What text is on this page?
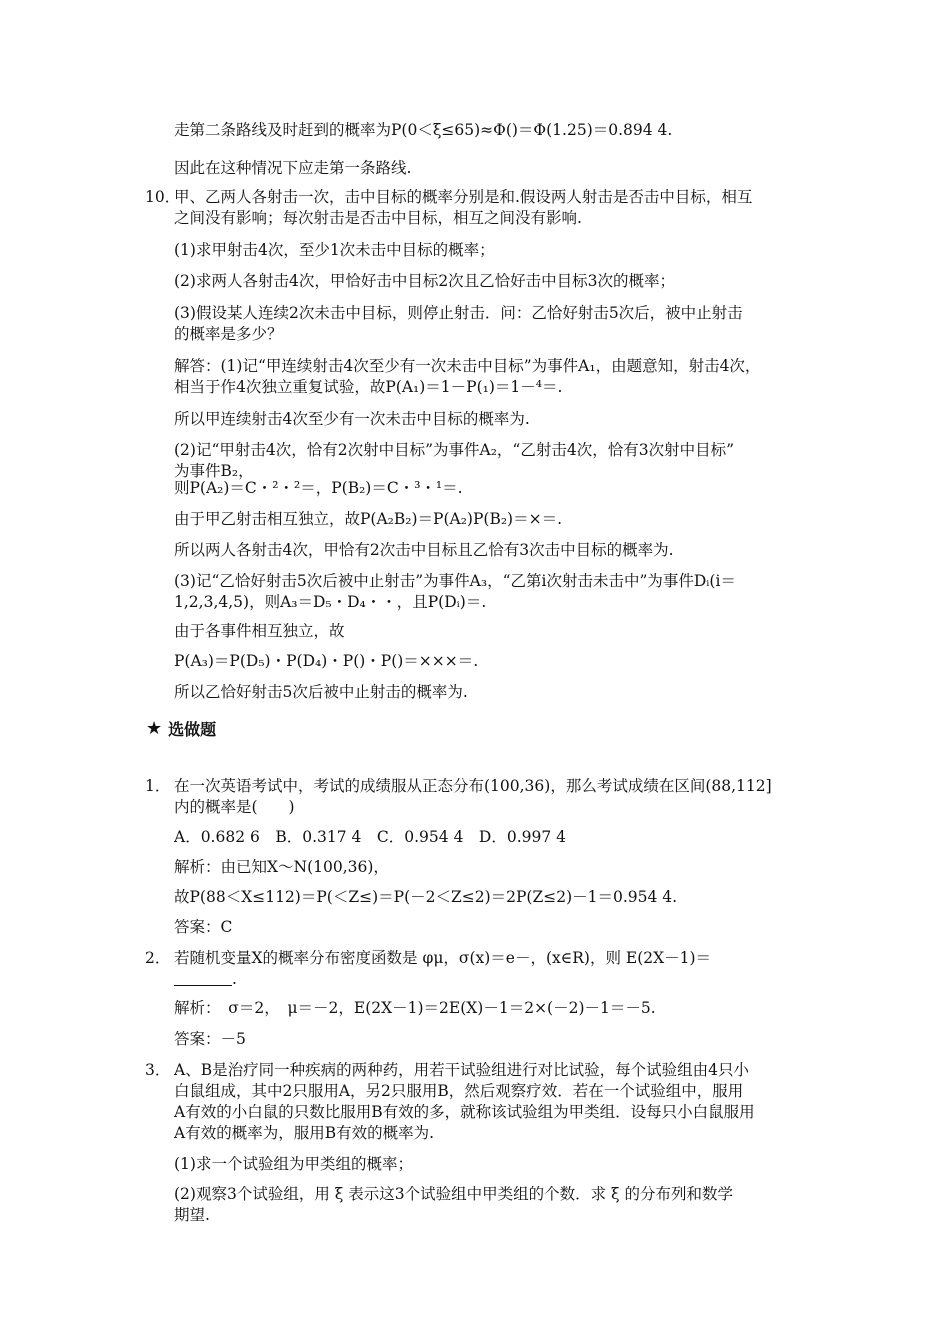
走第二条路线及时赶到的概率为P(0＜ξ≤65)≈Φ()＝Φ(1.25)＝0.894 4.
因此在这种情况下应走第一条路线.
10．
甲、乙两人各射击一次，击中目标的概率分别是和.假设两人射击是否击中目标，相互
之间没有影响；每次射击是否击中目标，相互之间没有影响.
(1)求甲射击4次，至少1次未击中目标的概率；
(2)求两人各射击4次，甲恰好击中目标2次且乙恰好击中目标3次的概率；
(3)假设某人连续2次未击中目标，则停止射击．问：乙恰好射击5次后，被中止射击
的概率是多少？
解答：(1)记“甲连续射击4次至少有一次未击中目标”为事件A₁，由题意知，射击4次，
相当于作4次独立重复试验，故P(A₁)＝1－P(₁)＝1－⁴＝.
所以甲连续射击4次至少有一次未击中目标的概率为.
(2)记“甲射击4次，恰有2次射中目标”为事件A₂，“乙射击4次，恰有3次射中目标”
为事件B₂，
则P(A₂)＝C・²・²＝，P(B₂)＝C・³・¹＝.
由于甲乙射击相互独立，故P(A₂B₂)＝P(A₂)P(B₂)＝×＝.
所以两人各射击4次，甲恰有2次击中目标且乙恰有3次击中目标的概率为.
(3)记“乙恰好射击5次后被中止射击”为事件A₃，“乙第i次射击未击中”为事件Dᵢ(i＝
1,2,3,4,5)，则A₃＝D₅・D₄・・，且P(Dᵢ)＝.
由于各事件相互独立，故
P(A₃)＝P(D₅)・P(D₄)・P()・P()＝×××＝.
所以乙恰好射击5次后被中止射击的概率为.
★ 选做题
1． 在一次英语考试中，考试的成绩服从正态分布(100,36)，那么考试成绩在区间(88,112]
内的概率是(　　)
A．0.682 6　B．0.317 4　C．0.954 4　D．0.997 4
解析：由已知X～N(100,36)，
故P(88＜X≤112)＝P(＜Z≤)＝P(－2＜Z≤2)＝2P(Z≤2)－1＝0.954 4.
答案：C
2． 若随机变量X的概率分布密度函数是 φμ，σ(x)＝e－，(x∈R)，则 E(2X－1)＝
.
解析：　σ＝2，　μ＝－2，E(2X－1)＝2E(X)－1＝2×(－2)－1＝－5.
答案：－5
3． A、B是治疗同一种疾病的两种药，用若干试验组进行对比试验，每个试验组由4只小
白鼠组成，其中2只服用A，另2只服用B，然后观察疗效．若在一个试验组中，服用
A有效的小白鼠的只数比服用B有效的多，就称该试验组为甲类组．设每只小白鼠服用
A有效的概率为，服用B有效的概率为.
(1)求一个试验组为甲类组的概率；
(2)观察3个试验组，用 ξ 表示这3个试验组中甲类组的个数．求 ξ 的分布列和数学
期望.
